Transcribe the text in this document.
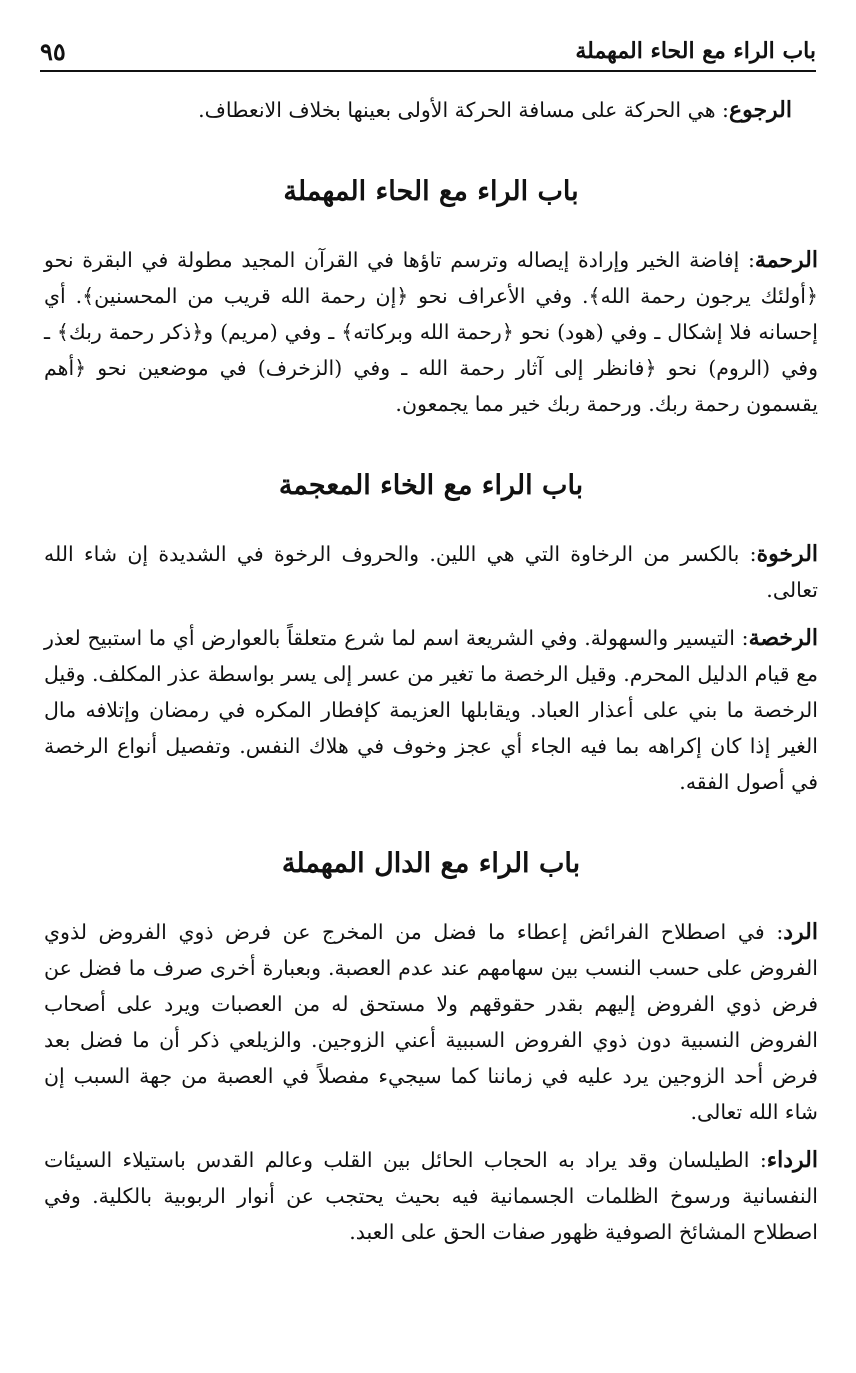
باب الراء مع الحاء المهملة
٩٥

الرجوع: هي الحركة على مسافة الحركة الأولى بعينها بخلاف الانعطاف.

باب الراء مع الحاء المهملة

الرحمة: إفاضة الخير وإرادة إيصاله وترسم تاؤها في القرآن المجيد مطولة في البقرة نحو ﴿أولئك يرجون رحمة الله﴾. وفي الأعراف نحو ﴿إن رحمة الله قريب من المحسنين﴾. أي إحسانه فلا إشكال ـ وفي (هود) نحو ﴿رحمة الله وبركاته﴾ ـ وفي (مريم) و﴿ذكر رحمة ربك﴾ ـ وفي (الروم) نحو ﴿فانظر إلى آثار رحمة الله ـ وفي (الزخرف) في موضعين نحو ﴿أهم يقسمون رحمة ربك. ورحمة ربك خير مما يجمعون.

باب الراء مع الخاء المعجمة

الرخوة: بالكسر من الرخاوة التي هي اللين. والحروف الرخوة في الشديدة إن شاء الله تعالى.

الرخصة: التيسير والسهولة. وفي الشريعة اسم لما شرع متعلقاً بالعوارض أي ما استبيح لعذر مع قيام الدليل المحرم. وقيل الرخصة ما تغير من عسر إلى يسر بواسطة عذر المكلف. وقيل الرخصة ما بني على أعذار العباد. ويقابلها العزيمة كإفطار المكره في رمضان وإتلافه مال الغير إذا كان إكراهه بما فيه الجاء أي عجز وخوف في هلاك النفس. وتفصيل أنواع الرخصة في أصول الفقه.

باب الراء مع الدال المهملة

الرد: في اصطلاح الفرائض إعطاء ما فضل من المخرج عن فرض ذوي الفروض لذوي الفروض على حسب النسب بين سهامهم عند عدم العصبة. وبعبارة أخرى صرف ما فضل عن فرض ذوي الفروض إليهم بقدر حقوقهم ولا مستحق له من العصبات ويرد على أصحاب الفروض النسبية دون ذوي الفروض السببية أعني الزوجين. والزيلعي ذكر أن ما فضل بعد فرض أحد الزوجين يرد عليه في زماننا كما سيجيء مفصلاً في العصبة من جهة السبب إن شاء الله تعالى.

الرداء: الطيلسان وقد يراد به الحجاب الحائل بين القلب وعالم القدس باستيلاء السيئات النفسانية ورسوخ الظلمات الجسمانية فيه بحيث يحتجب عن أنوار الربوبية بالكلية. وفي اصطلاح المشائخ الصوفية ظهور صفات الحق على العبد.
